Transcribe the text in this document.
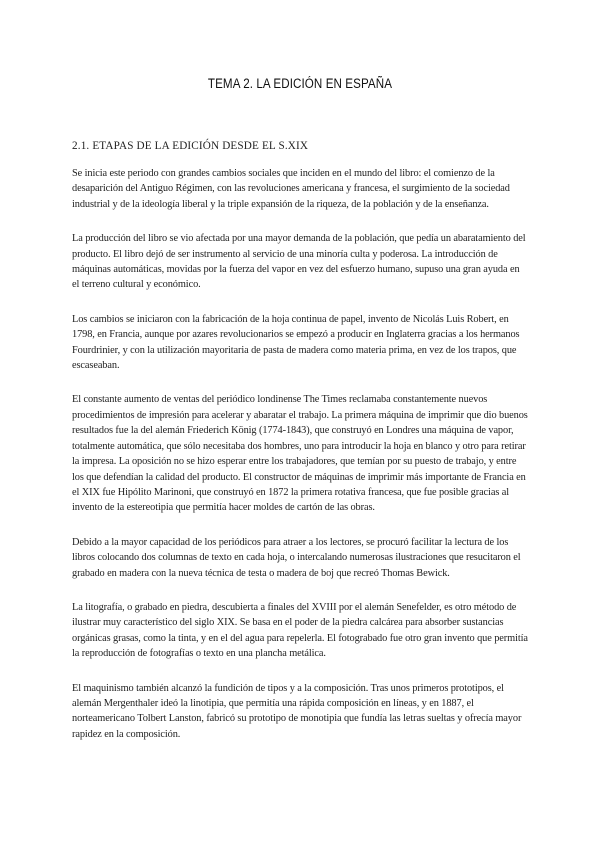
TEMA 2. LA EDICIÓN EN ESPAÑA
2.1. ETAPAS DE LA EDICIÓN DESDE EL S.XIX

Se inicia este periodo con grandes cambios sociales que inciden en el mundo del libro: el comienzo de la desaparición del Antiguo Régimen, con las revoluciones americana y francesa, el surgimiento de la sociedad industrial y de la ideología liberal y la triple expansión de la riqueza, de la población y de la enseñanza.

La producción del libro se vio afectada por una mayor demanda de la población, que pedía un abaratamiento del producto. El libro dejó de ser instrumento al servicio de una minoría culta y poderosa. La introducción de máquinas automáticas, movidas por la fuerza del vapor en vez del esfuerzo humano, supuso una gran ayuda en el terreno cultural y económico.

Los cambios se iniciaron con la fabricación de la hoja continua de papel, invento de Nicolás Luis Robert, en 1798, en Francia, aunque por azares revolucionarios se empezó a producir en Inglaterra gracias a los hermanos Fourdrinier, y con la utilización mayoritaria de pasta de madera como materia prima, en vez de los trapos, que escaseaban.

El constante aumento de ventas del periódico londinense The Times reclamaba constantemente nuevos procedimientos de impresión para acelerar y abaratar el trabajo. La primera máquina de imprimir que dio buenos resultados fue la del alemán Friederich König (1774-1843), que construyó en Londres una máquina de vapor, totalmente automática, que sólo necesitaba dos hombres, uno para introducir la hoja en blanco y otro para retirar la impresa. La oposición no se hizo esperar entre los trabajadores, que temían por su puesto de trabajo, y entre los que defendían la calidad del producto. El constructor de máquinas de imprimir más importante de Francia en el XIX fue Hipólito Marinoni, que construyó en 1872 la primera rotativa francesa, que fue posible gracias al invento de la estereotipia que permitía hacer moldes de cartón de las obras.

Debido a la mayor capacidad de los periódicos para atraer a los lectores, se procuró facilitar la lectura de los libros colocando dos columnas de texto en cada hoja, o intercalando numerosas ilustraciones que resucitaron el grabado en madera con la nueva técnica de testa o madera de boj que recreó Thomas Bewick.

La litografía, o grabado en piedra, descubierta a finales del XVIII por el alemán Senefelder, es otro método de ilustrar muy característico del siglo XIX. Se basa en el poder de la piedra calcárea para absorber sustancias orgánicas grasas, como la tinta, y en el del agua para repelerla. El fotograbado fue otro gran invento que permitía la reproducción de fotografías o texto en una plancha metálica.

El maquinismo también alcanzó la fundición de tipos y a la composición. Tras unos primeros prototipos, el alemán Mergenthaler ideó la linotipia, que permitía una rápida composición en líneas, y en 1887, el norteamericano Tolbert Lanston, fabricó su prototipo de monotipia que fundía las letras sueltas y ofrecía mayor rapidez en la composición.
